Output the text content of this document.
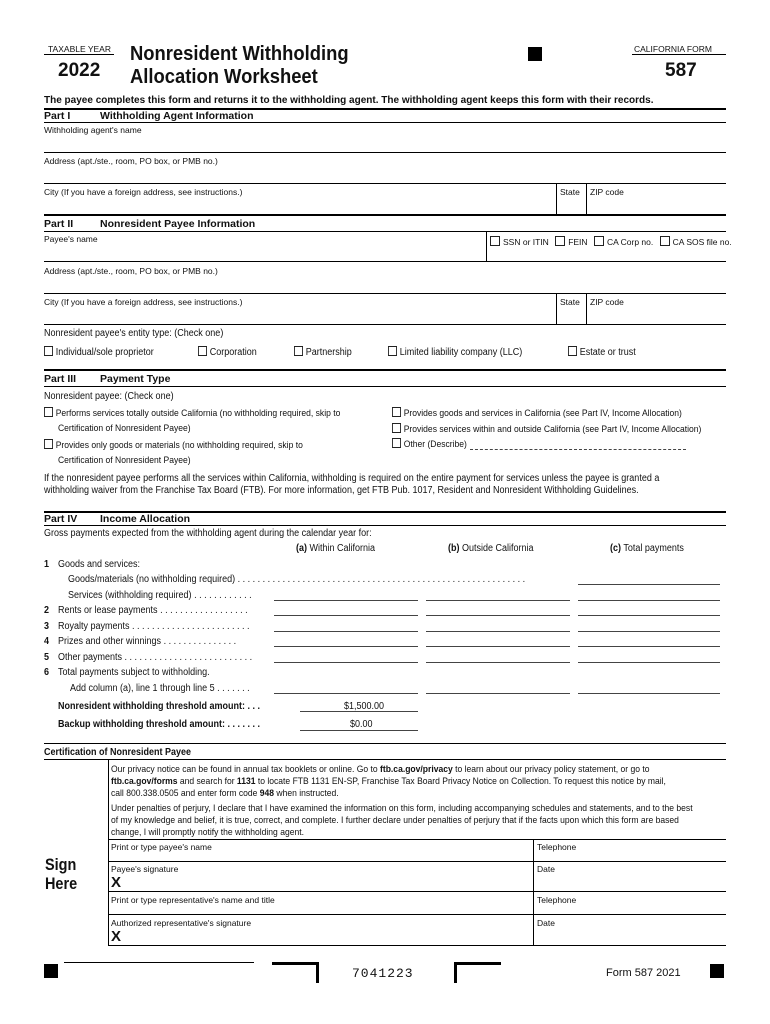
TAXABLE YEAR
2022
Nonresident Withholding
Allocation Worksheet
CALIFORNIA FORM
587
The payee completes this form and returns it to the withholding agent. The withholding agent keeps this form with their records.
Part I	Withholding Agent Information
Withholding agent's name
Address (apt./ste., room, PO box, or PMB no.)
City (If you have a foreign address, see instructions.)	State ZIP code
Part II	Nonresident Payee Information
Payee's name	SSN or ITIN FEIN CA Corp no. CA SOS file no.
Address (apt./ste., room, PO box, or PMB no.)
City (If you have a foreign address, see instructions.)	State ZIP code
Nonresident payee's entity type: (Check one)
Individual/sole proprietor	Corporation	Partnership	Limited liability company (LLC)	Estate or trust
Part III Payment Type
Nonresident payee: (Check one)
Performs services totally outside California (no withholding required, skip to
Certification of Nonresident Payee)
Provides only goods or materials (no withholding required, skip to
Certification of Nonresident Payee)
Provides goods and services in California (see Part IV, Income Allocation)
Provides services within and outside California (see Part IV, Income Allocation)
Other (Describe)
If the nonresident payee performs all the services within California, withholding is required on the entire payment for services unless the payee is granted a
withholding waiver from the Franchise Tax Board (FTB). For more information, get FTB Pub. 1017, Resident and Nonresident Withholding Guidelines.
Part IV Income Allocation
Gross payments expected from the withholding agent during the calendar year for:
(a) Within California	(b) Outside California	(c) Total payments
1 Goods and services:
Goods/materials (no withholding required) . . . . . . . . . . . . . . . . . . . . . . . . . . . . . . . . . . . . . . . . . . . . . . . . . . . . . . . . . .
Services (withholding required) . . . . . . . . . . . .
2 Rents or lease payments . . . . . . . . . . . . . . . . . .
3 Royalty payments . . . . . . . . . . . . . . . . . . . . . . . .
4 Prizes and other winnings . . . . . . . . . . . . . . .
5 Other payments . . . . . . . . . . . . . . . . . . . . . . . . . .
6 Total payments subject to withholding.
Add column (a), line 1 through line 5 . . . . . . .
Nonresident withholding threshold amount: . . .	$1,500.00
Backup withholding threshold amount: . . . . . . .	$0.00
Certification of Nonresident Payee
Our privacy notice can be found in annual tax booklets or online. Go to ftb.ca.gov/privacy to learn about our privacy policy statement, or go to
ftb.ca.gov/forms and search for 1131 to locate FTB 1131 EN-SP, Franchise Tax Board Privacy Notice on Collection. To request this notice by mail,
call 800.338.0505 and enter form code 948 when instructed.
Under penalties of perjury, I declare that I have examined the information on this form, including accompanying schedules and statements, and to the best
of my knowledge and belief, it is true, correct, and complete. I further declare under penalties of perjury that if the facts upon which this form are based
change, I will promptly notify the withholding agent.
Sign
Here
Print or type payee's name	Telephone
Payee's signature
X
Date
Print or type representative's name and title	Telephone
Authorized representative's signature
X
Date
7041223	Form 587 2021
